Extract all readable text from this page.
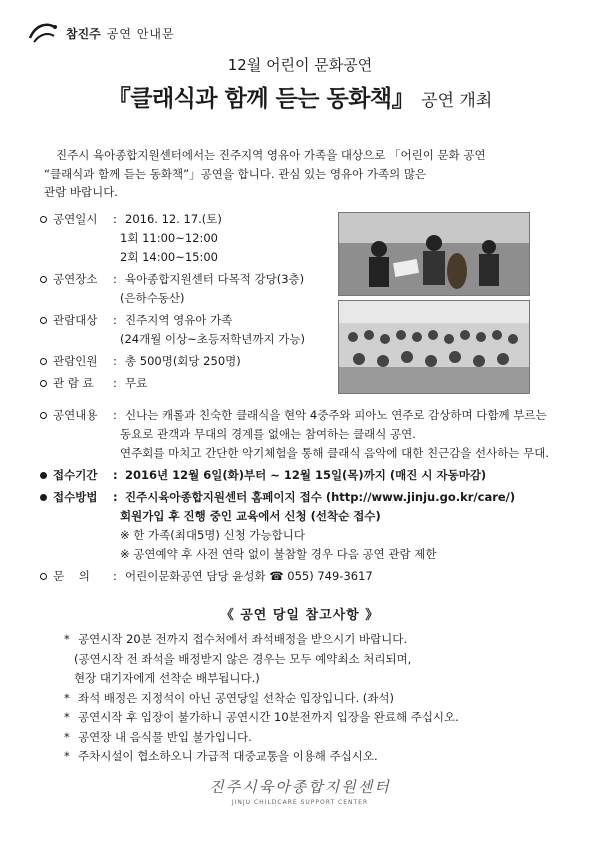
참진주 공연 안내문
12월 어린이 문화공연
『클래식과 함께 듣는 동화책』 공연 개최
진주시 육아종합지원센터에서는 진주지역 영유아 가족을 대상으로 「어린이 문화 공연
“클래식과 함께 듣는 동화책”」공연을 합니다. 관심 있는 영유아 가족의 많은
관람 바랍니다.
공연일시 : 2016. 12. 17.(토)
1회 11:00~12:00
2회 14:00~15:00
공연장소 : 육아종합지원센터 다목적 강당(3층)
(은하수동산)
관람대상 : 진주지역 영유아 가족
(24개월 이상~초등저학년까지 가능)
관람인원 : 총 500명(회당 250명)
관 람 료 : 무료
공연내용 : 신나는 캐롤과 친숙한 클래식을 현악 4중주와 피아노 연주로 감상하며 다함께 부르는
동요로 관객과 무대의 경계를 없애는 참여하는 클래식 공연.
연주회를 마치고 간단한 악기체험을 통해 클래식 음악에 대한 친근감을 선사하는 무대.
접수기간 : 2016년 12월 6일(화)부터 ~ 12월 15일(목)까지 (매진 시 자동마감)
접수방법 : 진주시육아종합지원센터 홈페이지 접수 (http://www.jinju.go.kr/care/)
회원가입 후 진행 중인 교육에서 신청 (선착순 접수)
※ 한 가족(최대5명) 신청 가능합니다
※ 공연예약 후 사전 연락 없이 불참할 경우 다음 공연 관람 제한
문    의 : 어린이문화공연 담당 윤성화 ☎ 055) 749-3617
《 공연 당일 참고사항 》
* 공연시작 20분 전까지 접수처에서 좌석배정을 받으시기 바랍니다.
(공연시작 전 좌석을 배정받지 않은 경우는 모두 예약최소 처리되며,
현장 대기자에게 선착순 배부됩니다.)
* 좌석 배정은 지정석이 아닌 공연당일 선착순 입장입니다. (좌석)
* 공연시작 후 입장이 불가하니 공연시간 10분전까지 입장을 완료해 주십시오.
* 공연장 내 음식물 반입 불가입니다.
* 주차시설이 협소하오니 가급적 대중교통을 이용해 주십시오.
진주시육아종합지원센터
JINJU CHILDCARE SUPPORT CENTER
